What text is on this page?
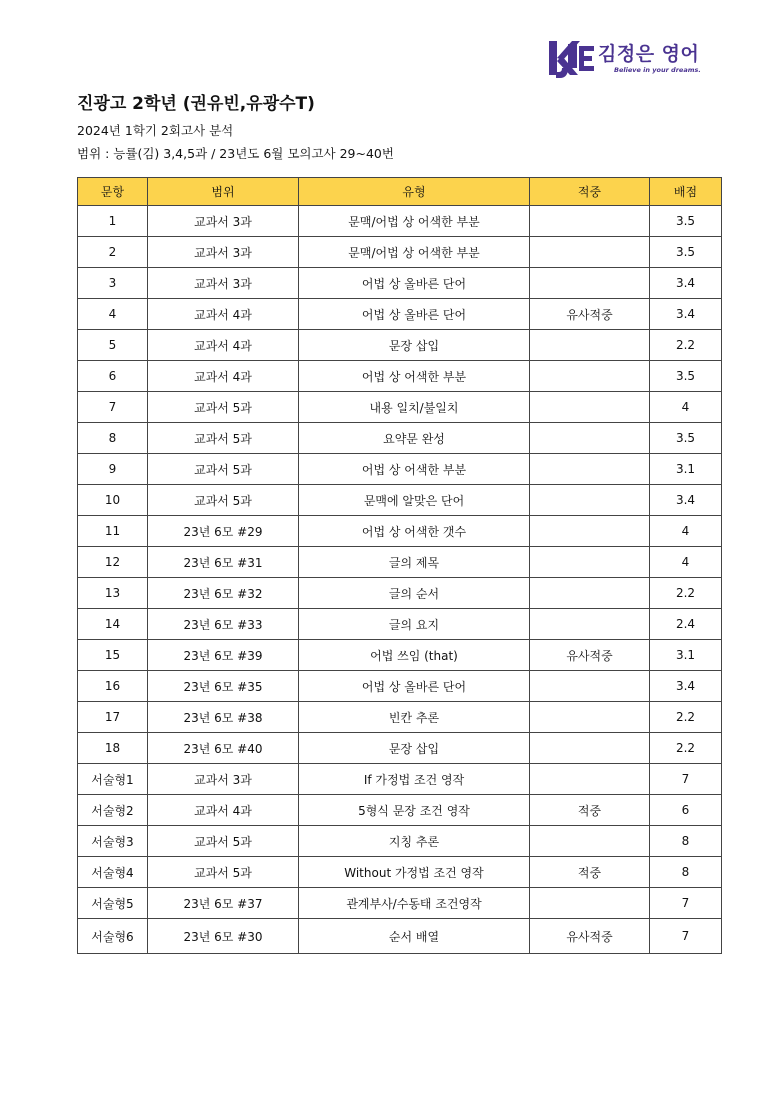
김정은 영어
Believe in your dreams.
진광고 2학년 (권유빈,유광수T)
2024년 1학기 2회고사 분석
범위 : 능률(김) 3,4,5과 / 23년도 6월 모의고사 29~40번
문항	범위	유형	적중	배점
1	교과서 3과	문맥/어법 상 어색한 부분		3.5
2	교과서 3과	문맥/어법 상 어색한 부분		3.5
3	교과서 3과	어법 상 올바른 단어		3.4
4	교과서 4과	어법 상 올바른 단어	유사적중	3.4
5	교과서 4과	문장 삽입		2.2
6	교과서 4과	어법 상 어색한 부분		3.5
7	교과서 5과	내용 일치/불일치		4
8	교과서 5과	요약문 완성		3.5
9	교과서 5과	어법 상 어색한 부분		3.1
10	교과서 5과	문맥에 알맞은 단어		3.4
11	23년 6모 #29	어법 상 어색한 갯수		4
12	23년 6모 #31	글의 제목		4
13	23년 6모 #32	글의 순서		2.2
14	23년 6모 #33	글의 요지		2.4
15	23년 6모 #39	어법 쓰임 (that)	유사적중	3.1
16	23년 6모 #35	어법 상 올바른 단어		3.4
17	23년 6모 #38	빈칸 추론		2.2
18	23년 6모 #40	문장 삽입		2.2
서술형1	교과서 3과	If 가정법 조건 영작		7
서술형2	교과서 4과	5형식 문장 조건 영작	적중	6
서술형3	교과서 5과	지칭 추론		8
서술형4	교과서 5과	Without 가정법 조건 영작	적중	8
서술형5	23년 6모 #37	관계부사/수동태 조건영작		7
서술형6	23년 6모 #30	순서 배열	유사적중	7
